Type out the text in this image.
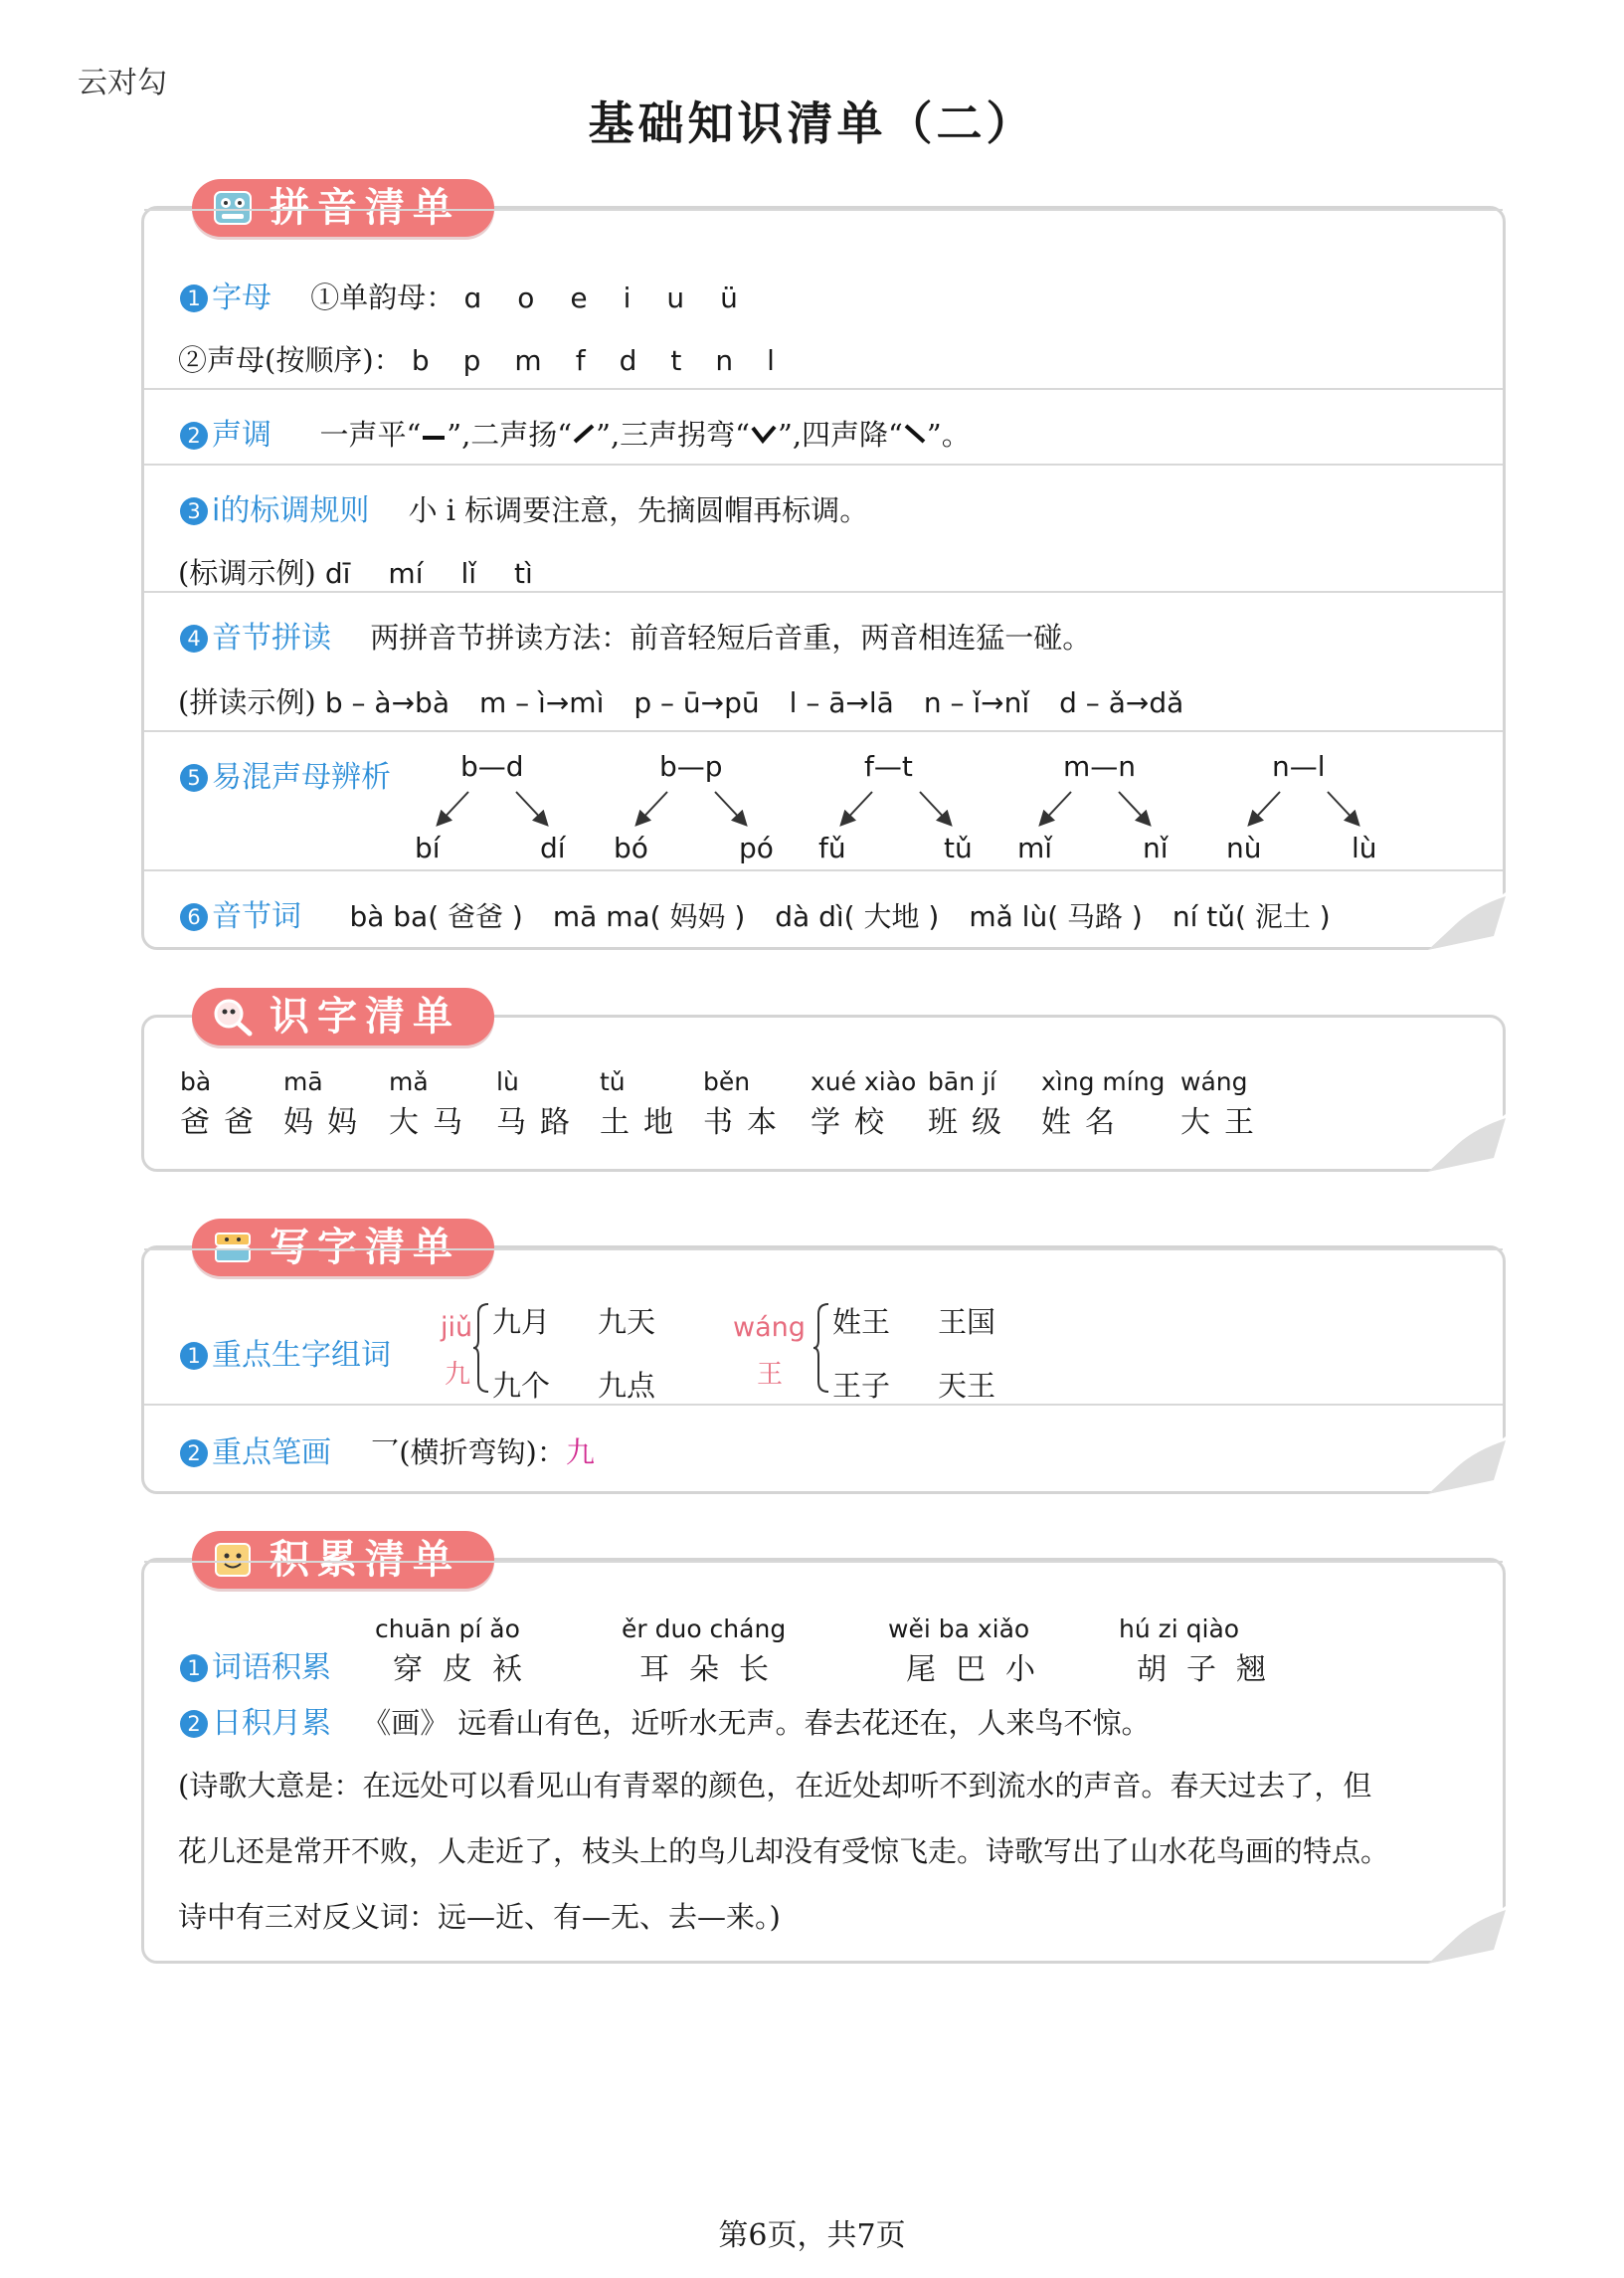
云对勾
基础知识清单（二）
拼音清单
1 字母 ①单韵母： ɑ o e i u ü
②声母(按顺序)： b p m f d t n l
2 声调 一声平“ ”,二声扬“ ”,三声拐弯“ ”,四声降“ ”。
3 i的标调规则 小 i 标调要注意，先摘圆帽再标调。
(标调示例) dī mí lǐ tì
4 音节拼读 两拼音节拼读方法：前音轻短后音重，两音相连猛一碰。
(拼读示例) b – à→bà m – ì→mì p – ū→pū l – ā→lā n – ǐ→nǐ d – ǎ→dǎ
5 易混声母辨析	b—d
bí	dí
b—p
bó	pó
f—t
fǔ	tǔ
m—n
mǐ	nǐ
n—l
nù	lù
6 音节词 bà ba( 爸爸 ) mā ma( 妈妈 ) dà dì( 大地 ) mǎ lù( 马路 ) ní tǔ( 泥土 )
识字清单
bà
爸爸
mā
妈妈
mǎ
大马
lù
马路
tǔ
土地
běn
书本
xué xiào
学校
bān jí
班级
xìng míng
姓名
wáng
大王
写字清单
1 重点生字组词
jiǔ
九
九月 九天
九个 九点
wáng
王
姓王 王国
王子 天王
2 重点笔画 乛(横折弯钩)：九
积累清单
1 词语积累
chuān pí ǎo
穿皮袄
ěr duo cháng
耳朵长
wěi ba xiǎo
尾巴小
hú zi qiào
胡子翘
2 日积月累 《画》 远看山有色，近听水无声。春去花还在，人来鸟不惊。
(诗歌大意是：在远处可以看见山有青翠的颜色，在近处却听不到流水的声音。春天过去了，但
花儿还是常开不败，人走近了，枝头上的鸟儿却没有受惊飞走。诗歌写出了山水花鸟画的特点。
诗中有三对反义词：远—近、有—无、去—来。)
第6页，共7页
